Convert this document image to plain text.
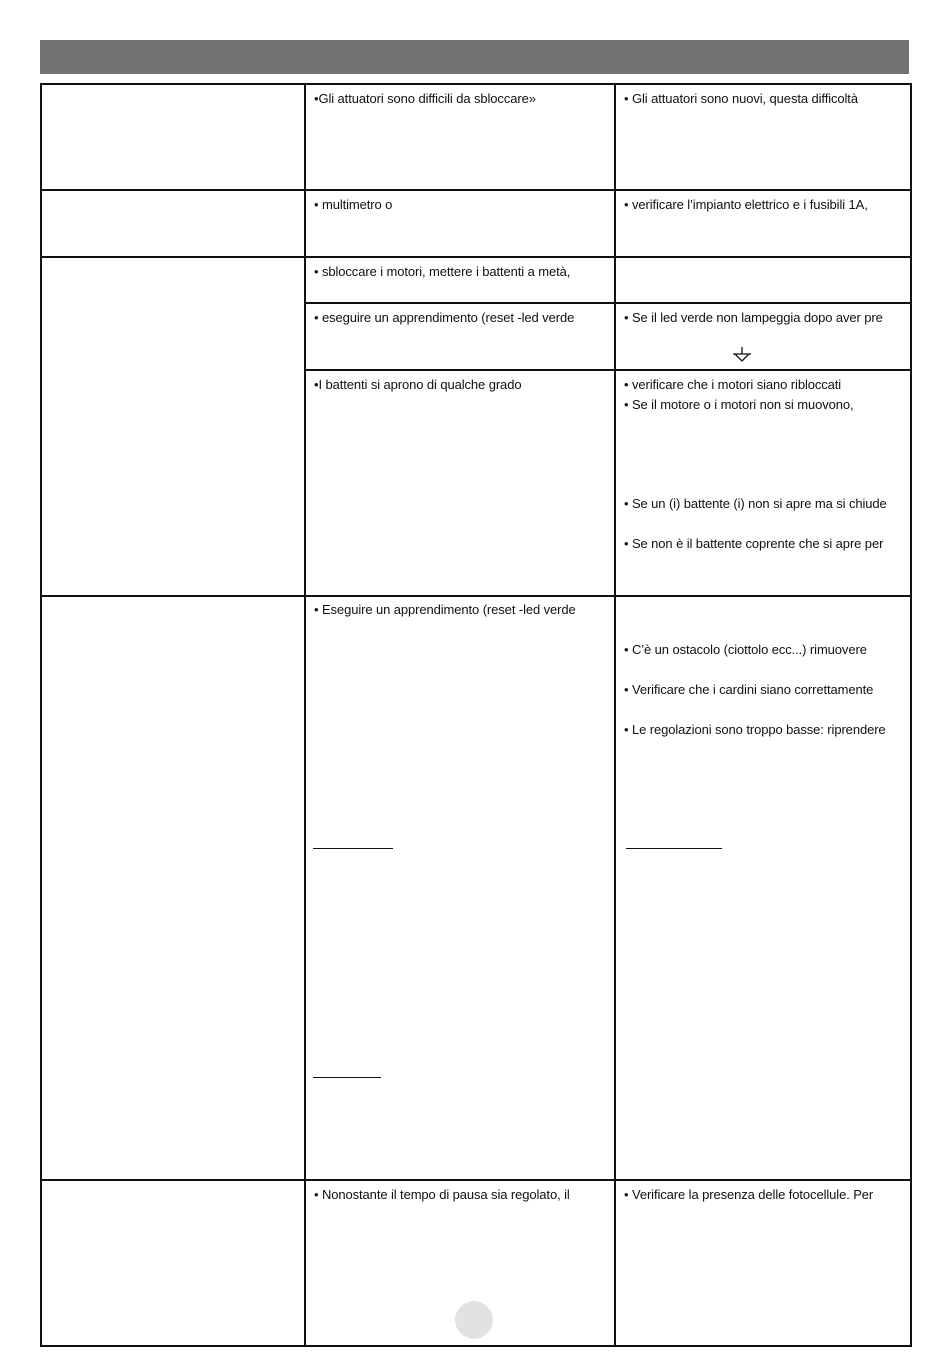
	•Gli attuatori sono difficili da sbloccare»	• Gli attuatori sono nuovi, questa difficoltà

	• multimetro o	• verificare l’impianto elettrico e i fusibili 1A,

	• sbloccare i motori, mettere i battenti a metà,	

	• eseguire un apprendimento (reset -led verde	• Se il led verde non lampeggia dopo aver pre

	•I battenti si aprono di qualche grado	• verificare che i motori siano ribloccati
• Se il motore o i motori non si muovono,
• Se un (i) battente (i) non si apre ma si chiude
• Se non è il battente coprente che si apre per

	• Eseguire un apprendimento (reset -led verde	• C’è un ostacolo (ciottolo ecc...) rimuovere
• Verificare che i cardini siano correttamente
• Le regolazioni sono troppo basse: riprendere

	• Nonostante il tempo di pausa sia regolato, il	• Verificare la presenza delle fotocellule. Per
